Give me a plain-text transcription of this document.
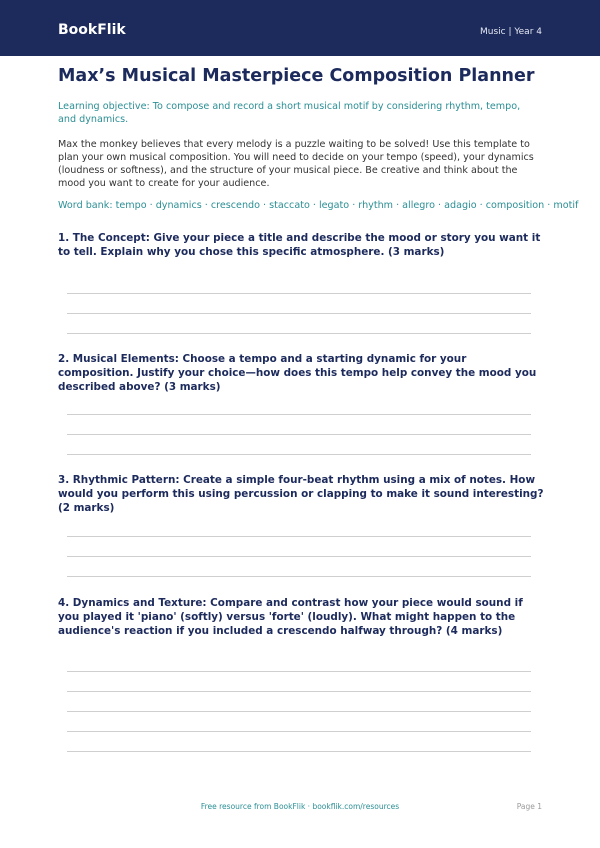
BookFlik	Music | Year 4
Max’s Musical Masterpiece Composition Planner
Learning objective: To compose and record a short musical motif by considering rhythm, tempo, and dynamics.
Max the monkey believes that every melody is a puzzle waiting to be solved! Use this template to plan your own musical composition. You will need to decide on your tempo (speed), your dynamics (loudness or softness), and the structure of your musical piece. Be creative and think about the mood you want to create for your audience.
Word bank: tempo · dynamics · crescendo · staccato · legato · rhythm · allegro · adagio · composition · motif
1. The Concept: Give your piece a title and describe the mood or story you want it to tell. Explain why you chose this specific atmosphere. (3 marks)
2. Musical Elements: Choose a tempo and a starting dynamic for your composition. Justify your choice—how does this tempo help convey the mood you described above? (3 marks)
3. Rhythmic Pattern: Create a simple four-beat rhythm using a mix of notes. How would you perform this using percussion or clapping to make it sound interesting? (2 marks)
4. Dynamics and Texture: Compare and contrast how your piece would sound if you played it 'piano' (softly) versus 'forte' (loudly). What might happen to the audience's reaction if you included a crescendo halfway through? (4 marks)
Free resource from BookFlik · bookflik.com/resources	Page 1
